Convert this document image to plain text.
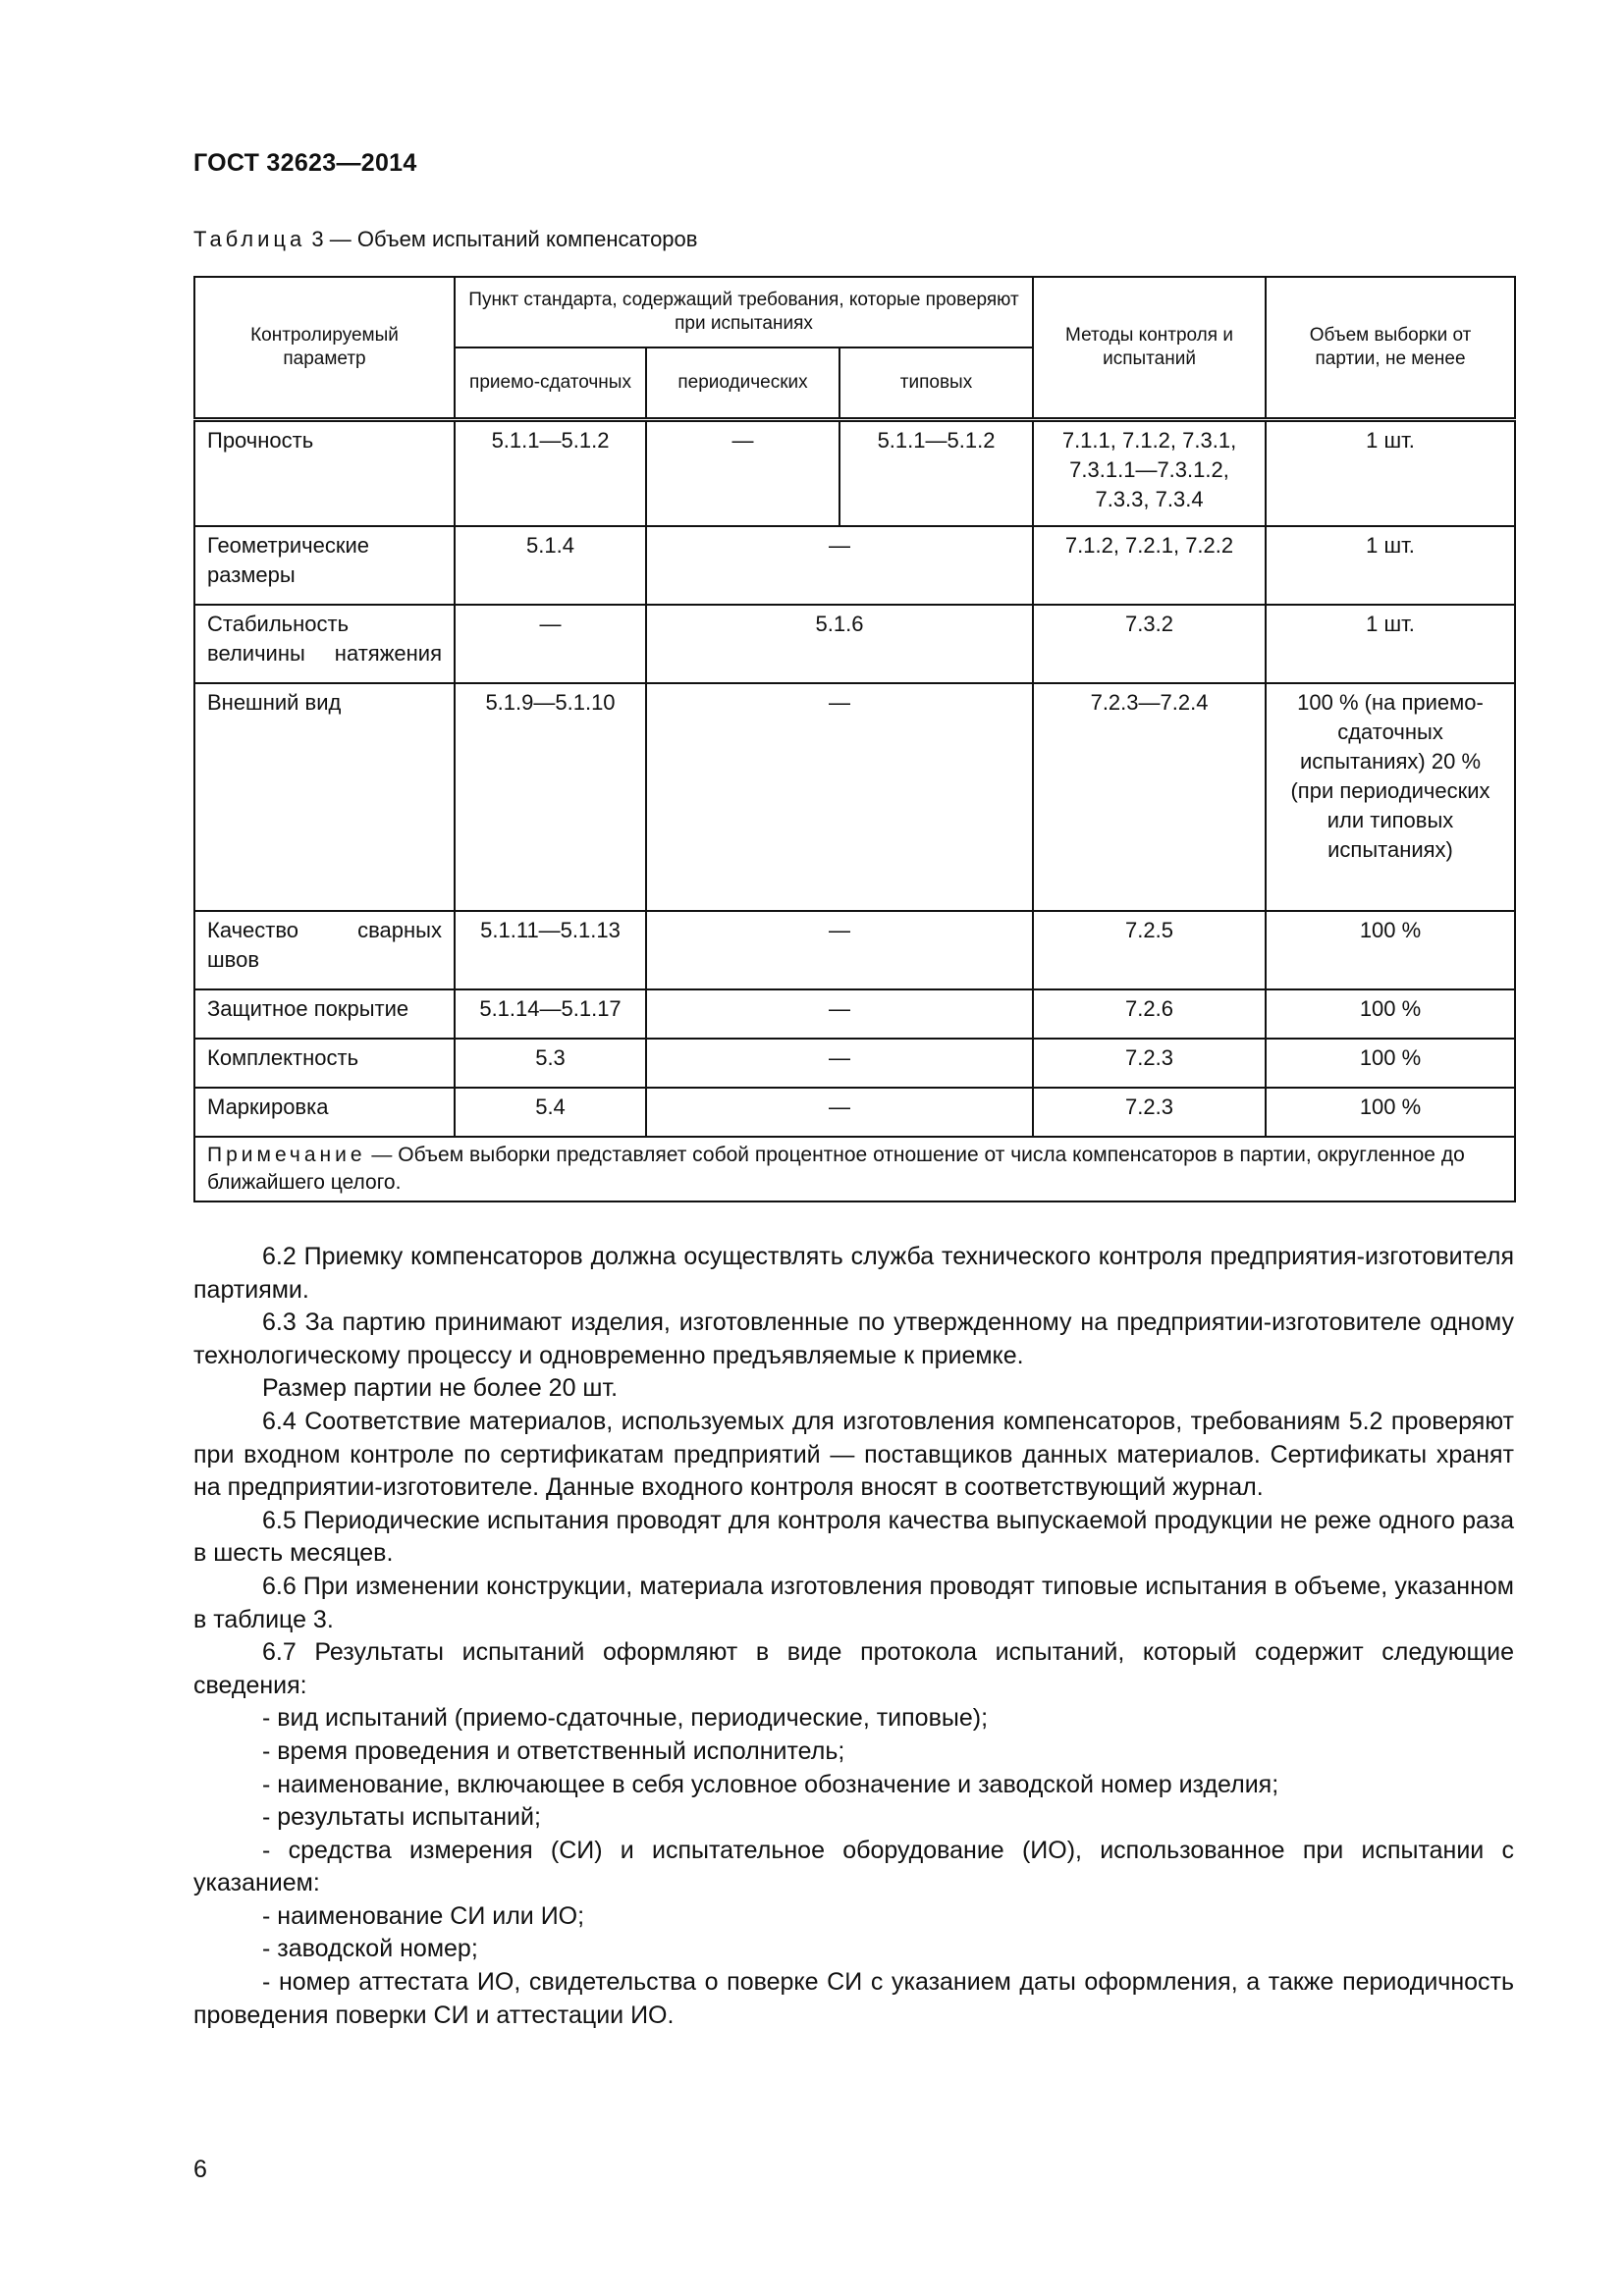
ГОСТ 32623—2014
Таблица 3 — Объем испытаний компенсаторов
Контролируемый параметр	Пункт стандарта, содержащий требования, которые проверяют при испытаниях			Методы контроля и испытаний	Объем выборки от партии, не менее
	приемо-сдаточных	периодических	типовых		
Прочность	5.1.1—5.1.2	—	5.1.1—5.1.2	7.1.1, 7.1.2, 7.3.1, 7.3.1.1—7.3.1.2, 7.3.3, 7.3.4	1 шт.
Геометрические размеры	5.1.4	—		7.1.2, 7.2.1, 7.2.2	1 шт.
Стабильность величины натяжения	—	5.1.6		7.3.2	1 шт.
Внешний вид	5.1.9—5.1.10	—		7.2.3—7.2.4	100 % (на приемо-сдаточных испытаниях) 20 % (при периодических или типовых испытаниях)
Качество сварных швов	5.1.11—5.1.13	—		7.2.5	100 %
Защитное покрытие	5.1.14—5.1.17	—		7.2.6	100 %
Комплектность	5.3	—		7.2.3	100 %
Маркировка	5.4	—		7.2.3	100 %
Примечание — Объем выборки представляет собой процентное отношение от числа компенсаторов в партии, округленное до ближайшего целого.					

6.2 Приемку компенсаторов должна осуществлять служба технического контроля предприятия-изготовителя партиями.

6.3 За партию принимают изделия, изготовленные по утвержденному на предприятии-изготовителе одному технологическому процессу и одновременно предъявляемые к приемке.

Размер партии не более 20 шт.

6.4 Соответствие материалов, используемых для изготовления компенсаторов, требованиям 5.2 проверяют при входном контроле по сертификатам предприятий — поставщиков данных материалов. Сертификаты хранят на предприятии-изготовителе. Данные входного контроля вносят в соответствующий журнал.

6.5 Периодические испытания проводят для контроля качества выпускаемой продукции не реже одного раза в шесть месяцев.

6.6 При изменении конструкции, материала изготовления проводят типовые испытания в объеме, указанном в таблице 3.

6.7 Результаты испытаний оформляют в виде протокола испытаний, который содержит следующие сведения:

- вид испытаний (приемо-сдаточные, периодические, типовые);

- время проведения и ответственный исполнитель;

- наименование, включающее в себя условное обозначение и заводской номер изделия;

- результаты испытаний;

- средства измерения (СИ) и испытательное оборудование (ИО), использованное при испытании с указанием:

- наименование СИ или ИО;

- заводской номер;

- номер аттестата ИО, свидетельства о поверке СИ с указанием даты оформления, а также периодичность проведения поверки СИ и аттестации ИО.

6
